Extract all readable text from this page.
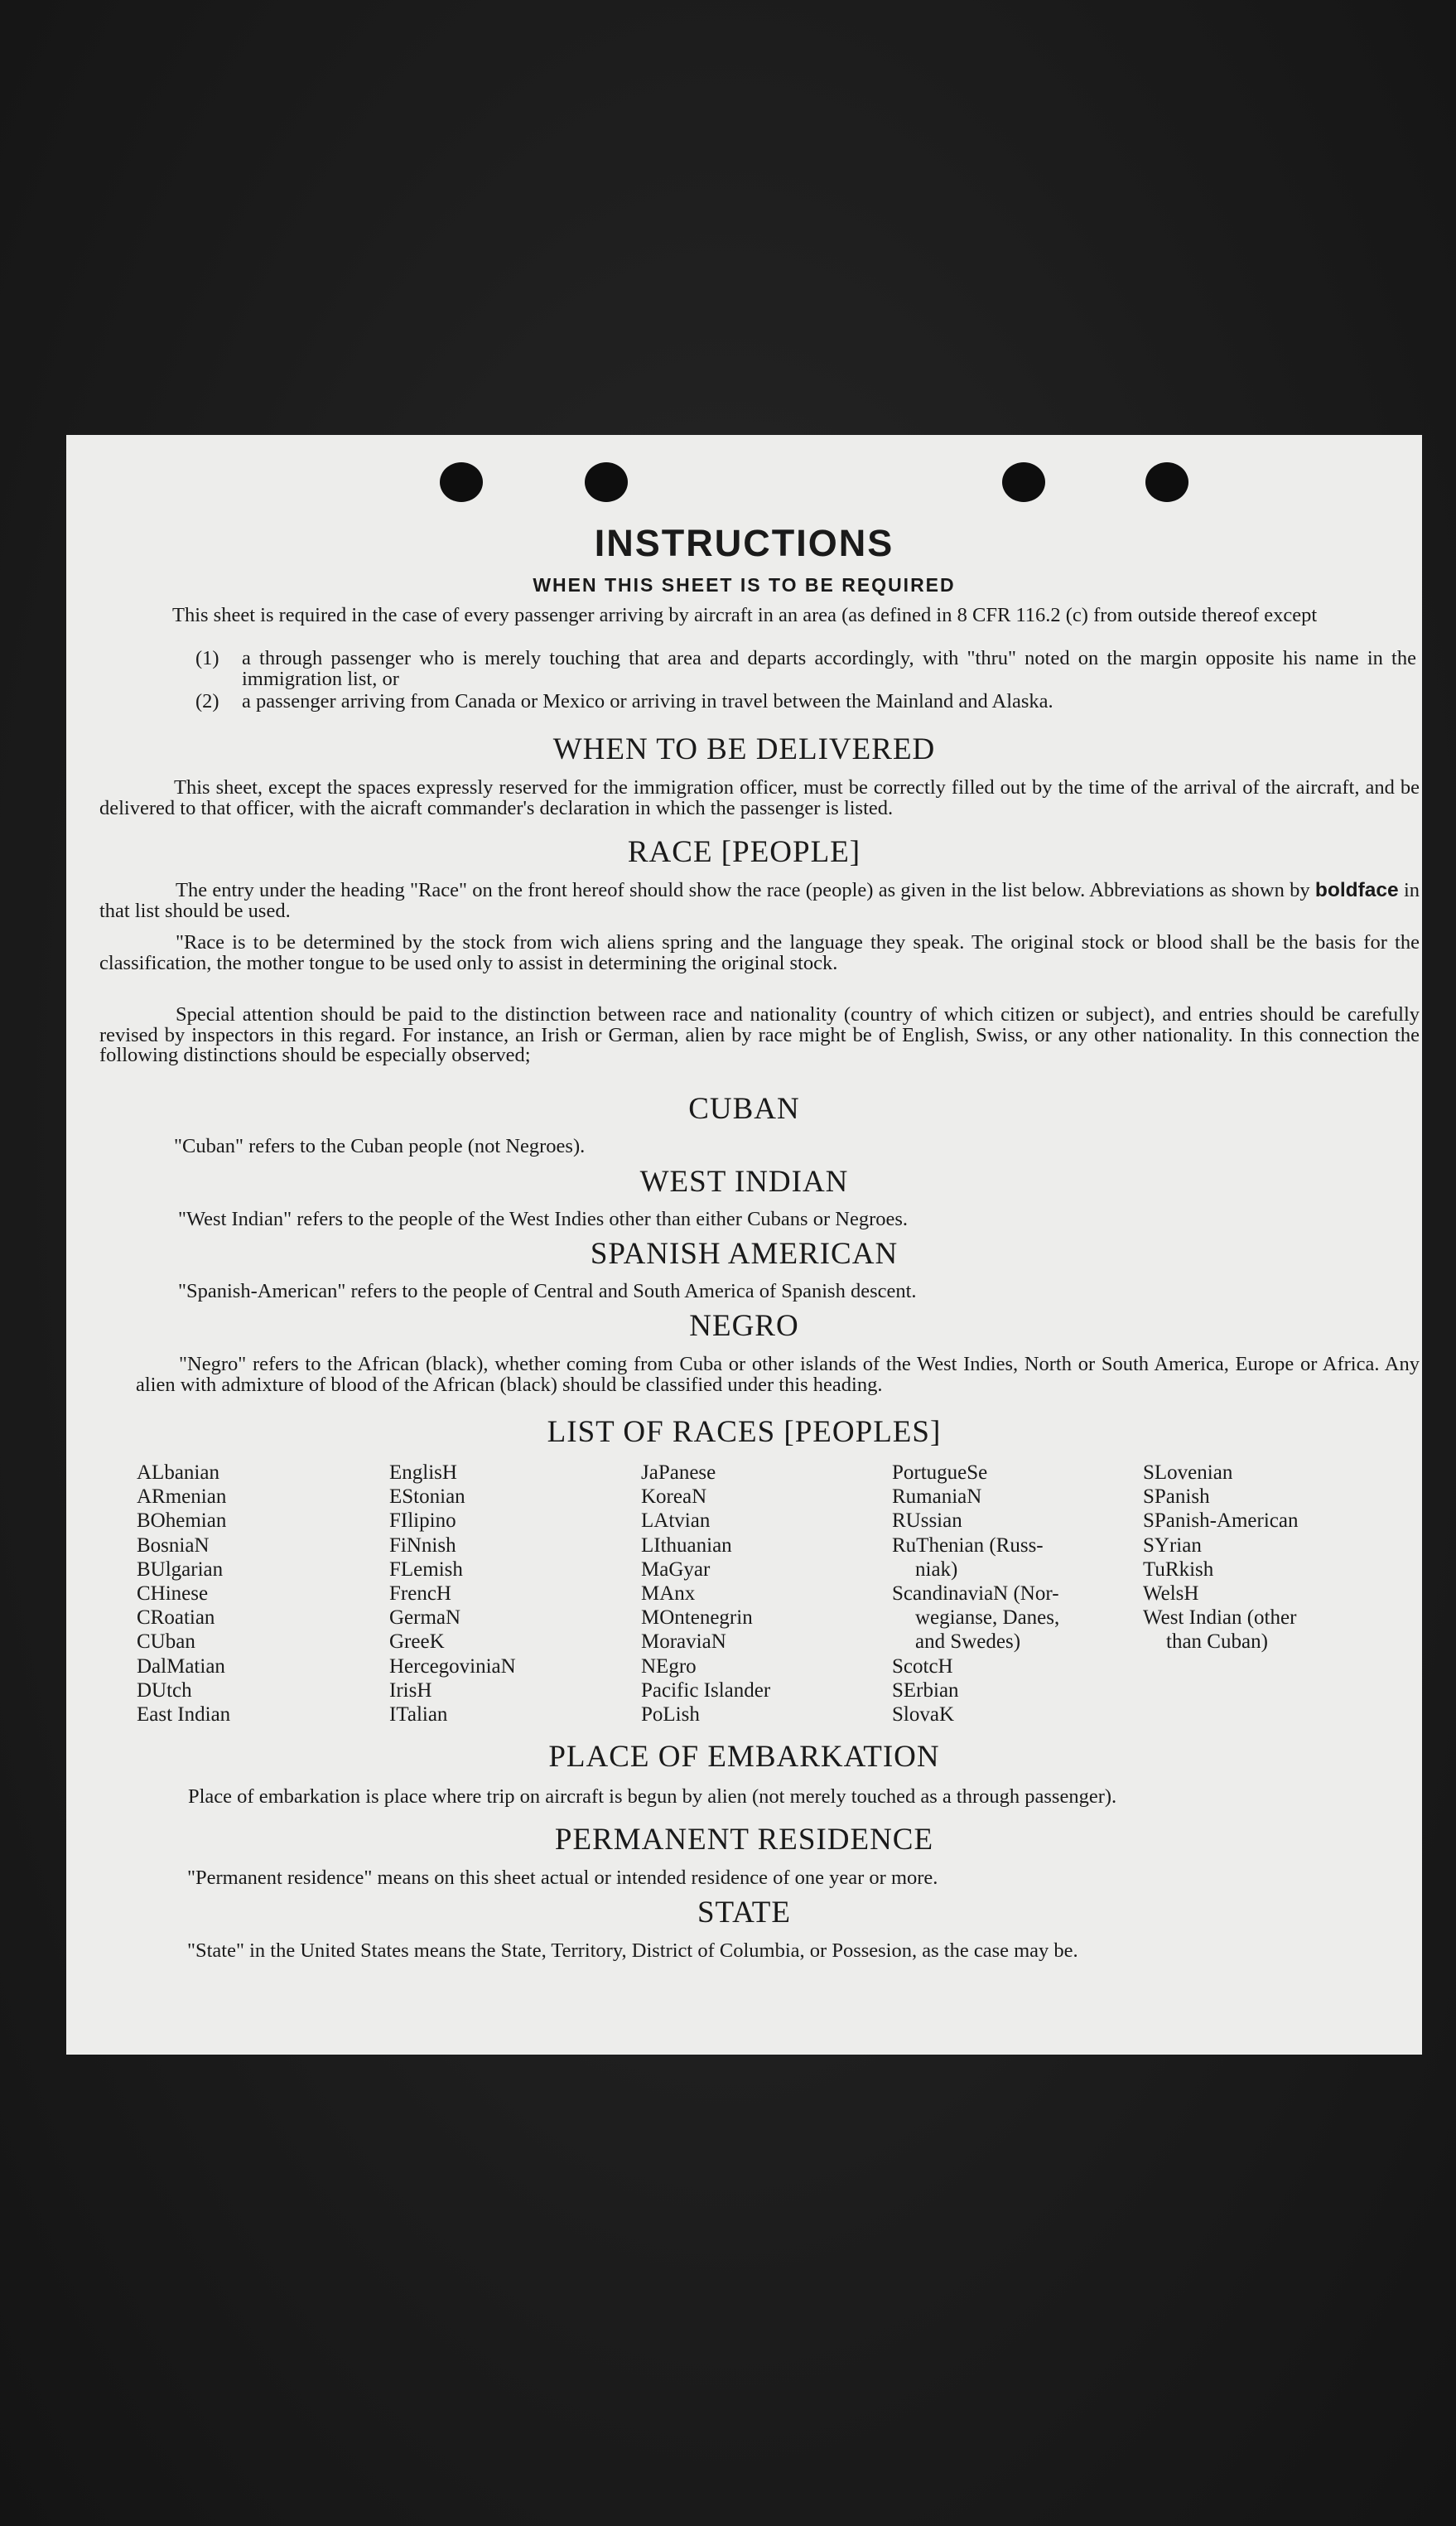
INSTRUCTIONS
WHEN THIS SHEET IS TO BE REQUIRED
This sheet is required in the case of every passenger arriving by aircraft in an area (as defined in 8 CFR 116.2 (c) from outside thereof except
(1)	a through passenger who is merely touching that area and departs accordingly, with "thru" noted on the margin opposite his name in the immigration list, or
(2)	a passenger arriving from Canada or Mexico or arriving in travel between the Mainland and Alaska.
WHEN TO BE DELIVERED
This sheet, except the spaces expressly reserved for the immigration officer, must be correctly filled out by the time of the arrival of the aircraft, and be delivered to that officer, with the aicraft commander's declaration in which the passenger is listed.
RACE [PEOPLE]
The entry under the heading "Race" on the front hereof should show the race (people) as given in the list below. Abbreviations as shown by boldface in that list should be used.
"Race is to be determined by the stock from wich aliens spring and the language they speak. The original stock or blood shall be the basis for the classification, the mother tongue to be used only to assist in determining the original stock.
Special attention should be paid to the distinction between race and nationality (country of which citizen or subject), and entries should be carefully revised by inspectors in this regard. For instance, an Irish or German, alien by race might be of English, Swiss, or any other nationality. In this connection the following distinctions should be especially observed;
CUBAN
"Cuban" refers to the Cuban people (not Negroes).
WEST INDIAN
"West Indian" refers to the people of the West Indies other than either Cubans or Negroes.
SPANISH AMERICAN
"Spanish-American" refers to the people of Central and South America of Spanish descent.
NEGRO
"Negro" refers to the African (black), whether coming from Cuba or other islands of the West Indies, North or South America, Europe or Africa. Any alien with admixture of blood of the African (black) should be classified under this heading.
LIST OF RACES [PEOPLES]
ALbanian
ARmenian
BOhemian
BosniaN
BUlgarian
CHinese
CRoatian
CUban
DalMatian
DUtch
East Indian
EnglisH
EStonian
FIlipino
FiNnish
FLemish
FrencH
GermaN
GreeK
HercegoviniaN
IrisH
ITalian
JaPanese
KoreaN
LAtvian
LIthuanian
MaGyar
MAnx
MOntenegrin
MoraviaN
NEgro
Pacific Islander
PoLish
PortugueSe
RumaniaN
RUssian
RuThenian (Russ-
niak)
ScandinaviaN (Nor-
wegianse, Danes,
and Swedes)
ScotcH
SErbian
SlovaK
SLovenian
SPanish
SPanish-American
SYrian
TuRkish
WelsH
West Indian (other
than Cuban)
PLACE OF EMBARKATION
Place of embarkation is place where trip on aircraft is begun by alien (not merely touched as a through passenger).
PERMANENT RESIDENCE
"Permanent residence" means on this sheet actual or intended residence of one year or more.
STATE
"State" in the United States means the State, Territory, District of Columbia, or Possesion, as the case may be.
